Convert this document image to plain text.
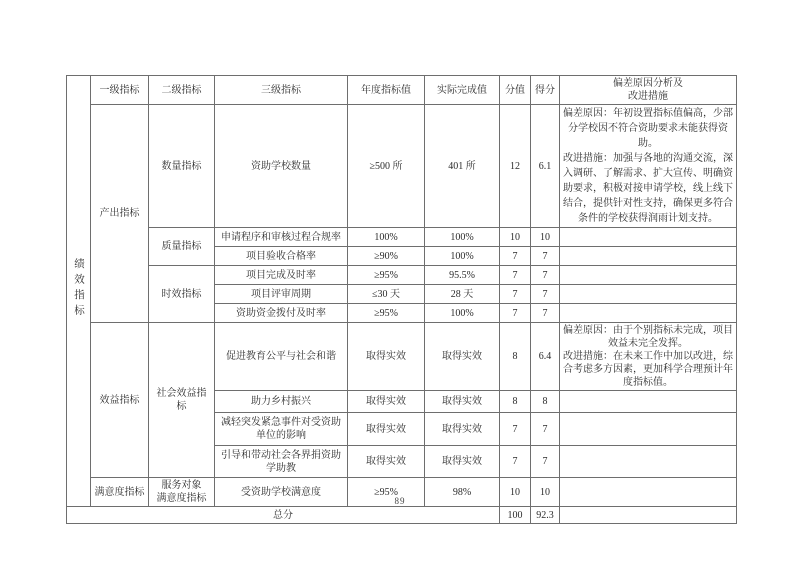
绩效指标	一级指标	二级指标	三级指标	年度指标值	实际完成值	分值	得分	偏差原因分析及
改进措施

	产出指标	数量指标	资助学校数量	≥500 所	401 所	12	6.1	偏差原因：年初设置指标值偏高，少部分学校因不符合资助要求未能获得资助。
改进措施：加强与各地的沟通交流，深入调研、了解需求、扩大宣传、明确资助要求，积极对接申请学校，线上线下结合，提供针对性支持，确保更多符合条件的学校获得润雨计划支持。

		质量指标	申请程序和审核过程合规率	100%	100%	10	10	
			项目验收合格率	≥90%	100%	7	7	
		时效指标	项目完成及时率	≥95%	95.5%	7	7	
			项目评审周期	≤30 天	28 天	7	7	
			资助资金拨付及时率	≥95%	100%	7	7	
	效益指标	社会效益指标	促进教育公平与社会和谐	取得实效	取得实效	8	6.4	偏差原因：由于个别指标未完成，项目效益未完全发挥。
改进措施：在未来工作中加以改进，综合考虑多方因素，更加科学合理预计年度指标值。

			助力乡村振兴	取得实效	取得实效	8	8	
			减轻突发紧急事件对受资助单位的影响	取得实效	取得实效	7	7	
			引导和带动社会各界捐资助学助教	取得实效	取得实效	7	7	
	满意度指标	服务对象
满意度指标	受资助学校满意度	≥95%	98%	10	10	
总分						100	92.3	
89
